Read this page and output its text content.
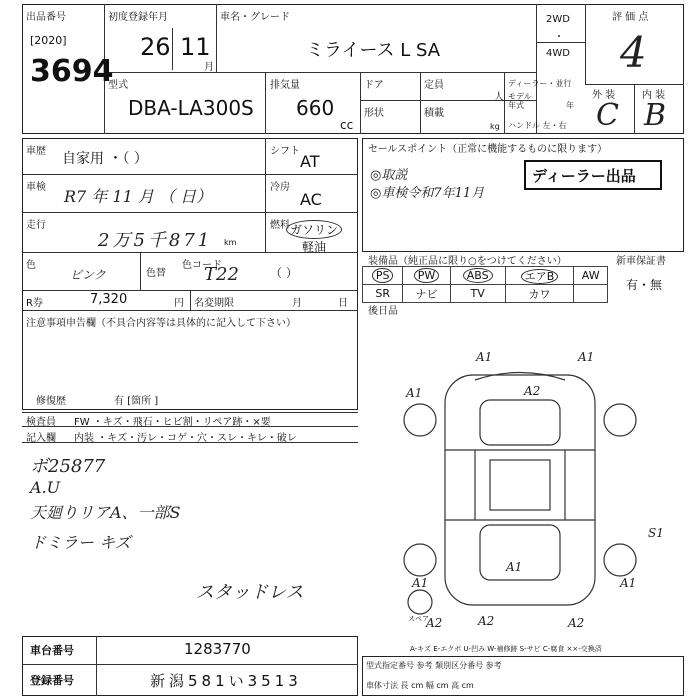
出品番号
[2020]
3694
初度登録年月
26 11
月
車名・グレード
ミライース L SA
2WD
・
4WD
評 価 点
4
型式
DBA-LA300S
排気量
660
cc
ドア	定員
人
形状	積載
kg
ディーラー・並行
モデル
年式	年
ハンドル 左・右
外 装	内 装
C B
車歴 自家用 ・（ ）	シフト
AT
車検 R7 年 11 月 （ 日）	冷房
AC
走行
2万5千871 km
燃料 ガソリン
軽油
色
ピンク	色替
色コード
T22	（ ）
R券	7,320	円 名変期限	月	日
注意事項申告欄（不具合内容等は具体的に記入して下さい）
修復歴	有 [箇所 ]
検査員 FW ・キズ・飛石・ヒビ割・リペア跡・×要
記入欄 内装 ・キズ・汚レ・コゲ・穴・スレ・キレ・破レ
ボ25877
A.U
天廻りリアA、一部S
ドミラー キズ
スタッドレス
セールスポイント（正常に機能するものに限ります）
◎取説
◎車検令和7年11月
ディーラー出品
装備品（純正品に限り○をつけてください）	新車保証書
PS	PW	ABS	エアB	AW
SR	ナビ	TV	カワ	
有・無
後日品
A1	A1
A1	A2
A1
S1
A1	A1
A2	A2
A2
スペア
A-キズ E-エクボ U-凹み W-補修跡 S-サビ C-腐食 ××-交換済
型式指定番号 参考 類別区分番号 参考
車体寸法 長 cm 幅 cm 高 cm
車台番号	1283770
登録番号	新潟581い3513
